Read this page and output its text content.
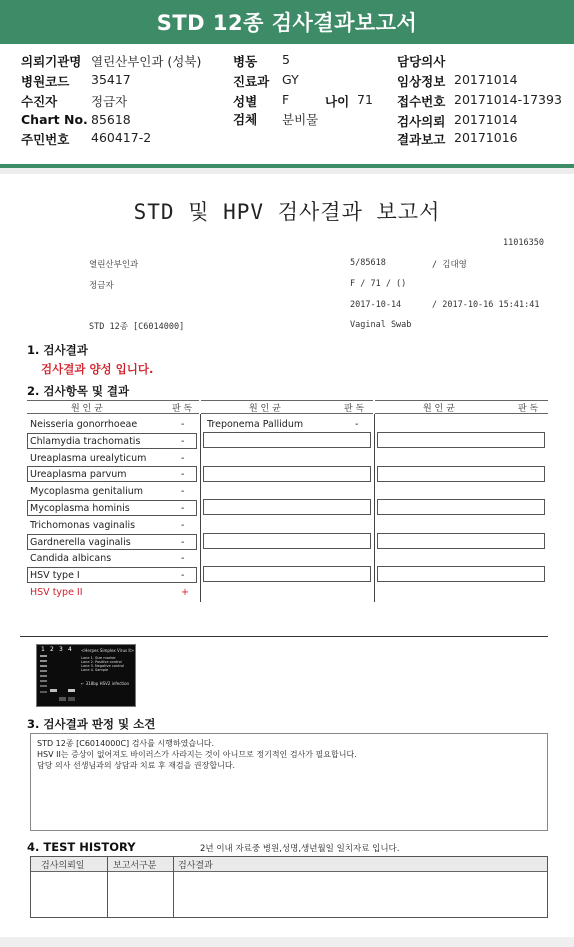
STD 12종 검사결과보고서
의뢰기관명 열린산부인과 (성북)
병원코드 35417
수진자	정금자
Chart No. 85618
주민번호 460417-2
병동 5
진료과 GY
성별 F	나이 71
검체 분비물
담당의사
임상정보 20171014
접수번호 20171014-17393
검사의뢰 20171014
결과보고 20171016
STD 및 HPV 검사결과 보고서
11016350
열린산부인과	5/85618	/ 김대영
정금자	F / 71 / ()
2017-10-14	/ 2017-10-16 15:41:41
STD 12종 [C6014000]	Vaginal Swab
1. 검사결과
검사결과 양성 입니다.
2. 검사항목 및 결과
원 인 균	판 독	원 인 균	판 독	원 인 균	판 독
Neisseria gonorrhoeae	-
Chlamydia trachomatis	-
Ureaplasma urealyticum	-
Ureaplasma parvum	-
Mycoplasma genitalium	-
Mycoplasma hominis	-
Trichomonas vaginalis	-
Gardnerella vaginalis	-
Candida albicans	-
HSV type I	-
HSV type II	+
Treponema Pallidum	-
1 2 3 4 <Herpes Simplex Virus II>
Lane 1. Size marker
Lane 2. Positive control
Lane 3. Negative control
Lane 4. Sample
← 318bp HSV2 infection
3. 검사결과 판정 및 소견
STD 12종 [C6014000C] 검사를 시행하였습니다.
HSV II는 증상이 없어져도 바이러스가 사라지는 것이 아니므로 정기적인 검사가 필요합니다.
담당 의사 선생님과의 상담과 치료 후 재검을 권장합니다.
4. TEST HISTORY	2년 이내 자료중 병원,성명,생년월일 일치자료 입니다.
검사의뢰일	보고서구분 검사결과
